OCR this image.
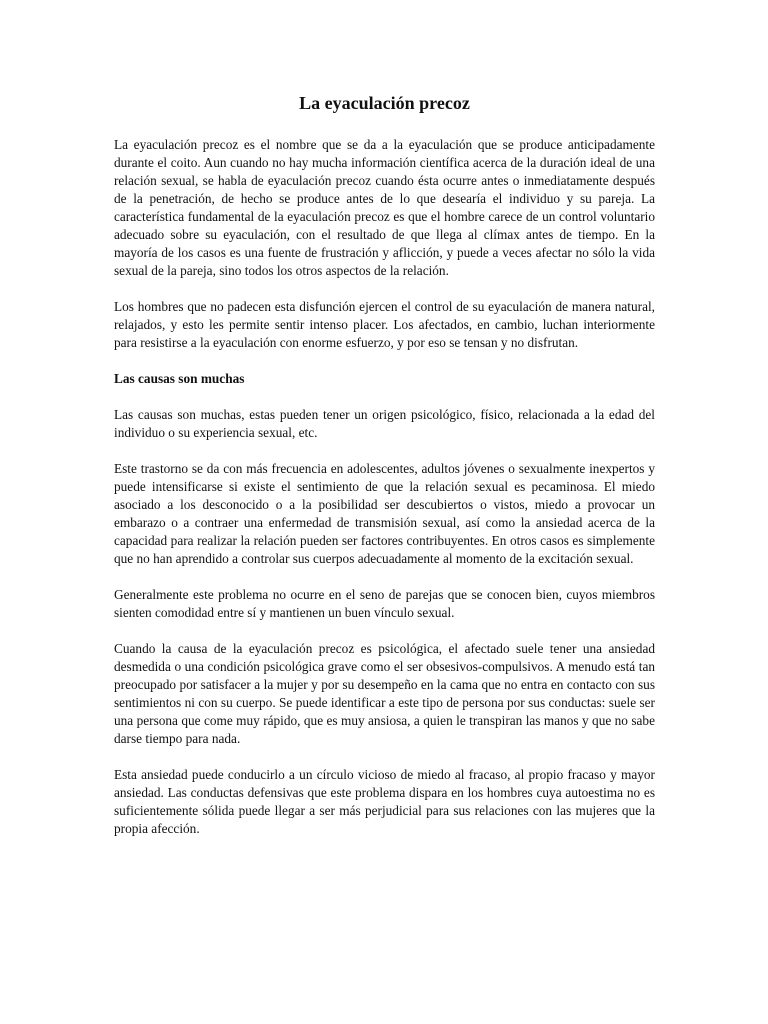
La eyaculación precoz

La eyaculación precoz es el nombre que se da a la eyaculación que se produce anticipadamente durante el coito. Aun cuando no hay mucha información científica acerca de la duración ideal de una relación sexual, se habla de eyaculación precoz cuando ésta ocurre antes o inmediatamente después de la penetración, de hecho se produce antes de lo que desearía el individuo y su pareja. La característica fundamental de la eyaculación precoz es que el hombre carece de un control voluntario adecuado sobre su eyaculación, con el resultado de que llega al clímax antes de tiempo. En la mayoría de los casos es una fuente de frustración y aflicción, y puede a veces afectar no sólo la vida sexual de la pareja, sino todos los otros aspectos de la relación.

Los hombres que no padecen esta disfunción ejercen el control de su eyaculación de manera natural, relajados, y esto les permite sentir intenso placer. Los afectados, en cambio, luchan interiormente para resistirse a la eyaculación con enorme esfuerzo, y por eso se tensan y no disfrutan.

Las causas son muchas

Las causas son muchas, estas pueden tener un origen psicológico, físico, relacionada a la edad del individuo o su experiencia sexual, etc.

Este trastorno se da con más frecuencia en adolescentes, adultos jóvenes o sexualmente inexpertos y puede intensificarse si existe el sentimiento de que la relación sexual es pecaminosa. El miedo asociado a los desconocido o a la posibilidad ser descubiertos o vistos, miedo a provocar un embarazo o a contraer una enfermedad de transmisión sexual, así como la ansiedad acerca de la capacidad para realizar la relación pueden ser factores contribuyentes. En otros casos es simplemente que no han aprendido a controlar sus cuerpos adecuadamente al momento de la excitación sexual.

Generalmente este problema no ocurre en el seno de parejas que se conocen bien, cuyos miembros sienten comodidad entre sí y mantienen un buen vínculo sexual.

Cuando la causa de la eyaculación precoz es psicológica, el afectado suele tener una ansiedad desmedida o una condición psicológica grave como el ser obsesivos-compulsivos. A menudo está tan preocupado por satisfacer a la mujer y por su desempeño en la cama que no entra en contacto con sus sentimientos ni con su cuerpo. Se puede identificar a este tipo de persona por sus conductas: suele ser una persona que come muy rápido, que es muy ansiosa, a quien le transpiran las manos y que no sabe darse tiempo para nada.

Esta ansiedad puede conducirlo a un círculo vicioso de miedo al fracaso, al propio fracaso y mayor ansiedad. Las conductas defensivas que este problema dispara en los hombres cuya autoestima no es suficientemente sólida puede llegar a ser más perjudicial para sus relaciones con las mujeres que la propia afección.
